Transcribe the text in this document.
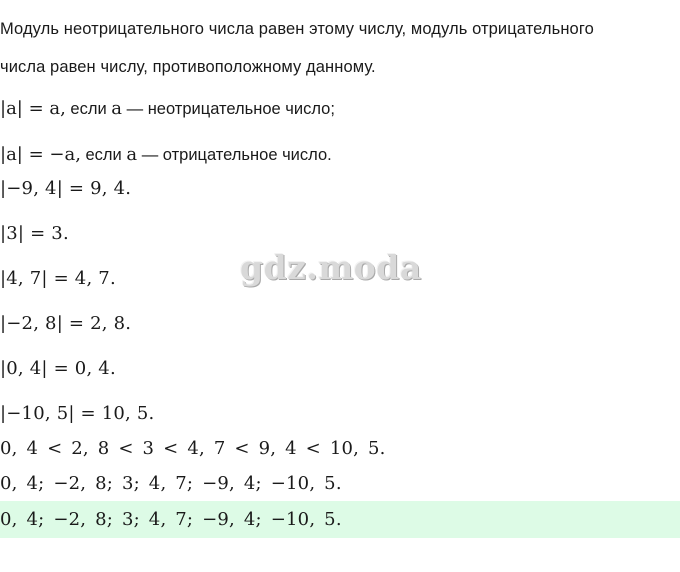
Модуль неотрицательного числа равен этому числу, модуль отрицательного
числа равен числу, противоположному данному.
|a| = a, если a — неотрицательное число;
|a| = −a, если a — отрицательное число.
|−9, 4| = 9, 4.
|3| = 3.
|4, 7| = 4, 7.
|−2, 8| = 2, 8.
|0, 4| = 0, 4.
|−10, 5| = 10, 5.
0, 4 < 2, 8 < 3 < 4, 7 < 9, 4 < 10, 5.
0, 4; −2, 8; 3; 4, 7; −9, 4; −10, 5.
0, 4; −2, 8; 3; 4, 7; −9, 4; −10, 5.
gdz.moda
